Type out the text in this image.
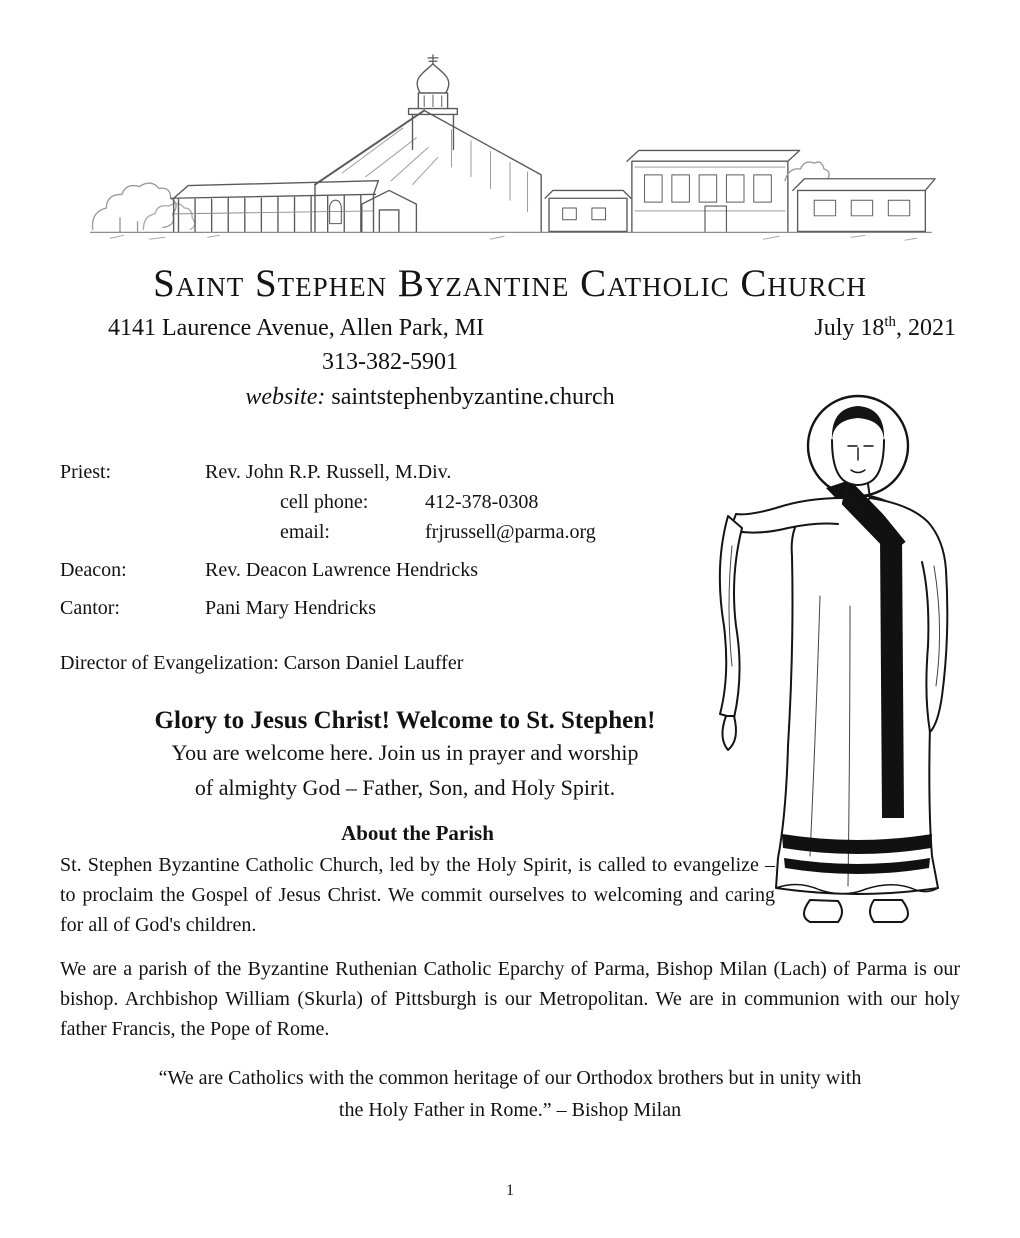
Saint Stephen Byzantine Catholic Church
4141 Laurence Avenue, Allen Park, MI	July 18th, 2021
313-382-5901
website: saintstephenbyzantine.church
Priest:	Rev. John R.P. Russell, M.Div.
cell phone:	412-378-0308
email:	frjrussell@parma.org
Deacon:	Rev. Deacon Lawrence Hendricks
Cantor:	Pani Mary Hendricks
Director of Evangelization: Carson Daniel Lauffer

Glory to Jesus Christ! Welcome to St. Stephen!

You are welcome here. Join us in prayer and worship
of almighty God – Father, Son, and Holy Spirit.

About the Parish

St. Stephen Byzantine Catholic Church, led by the Holy Spirit, is called to evangelize – to proclaim the Gospel of Jesus Christ. We commit ourselves to welcoming and caring for all of God's children.
We are a parish of the Byzantine Ruthenian Catholic Eparchy of Parma, Bishop Milan (Lach) of Parma is our bishop. Archbishop William (Skurla) of Pittsburgh is our Metropolitan. We are in communion with our holy father Francis, the Pope of Rome.
“We are Catholics with the common heritage of our Orthodox brothers but in unity with
the Holy Father in Rome.” – Bishop Milan
1
